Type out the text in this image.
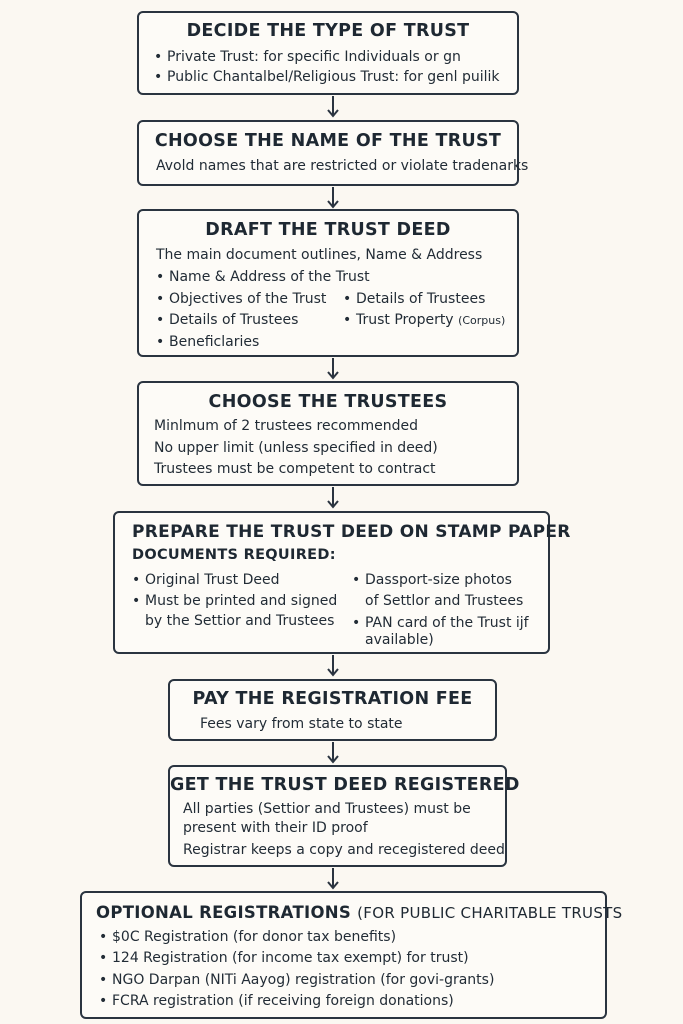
DECIDE THE TYPE OF TRUST
• Private Trust: for specific Individuals or gn
• Public Chantalbel/Religious Trust: for genl puilik
CHOOSE THE NAME OF THE TRUST
Avold names that are restricted or violate tradenarks
DRAFT THE TRUST DEED
The main document outlines, Name & Address
• Name & Address of the Trust
• Objectives of the Trust
• Details of Trustees
• Beneficlaries
• Details of Trustees
• Trust Property (Corpus)
CHOOSE THE TRUSTEES
Minlmum of 2 trustees recommended
No upper limit (unless specified in deed)
Trustees must be competent to contract
PREPARE THE TRUST DEED ON STAMP PAPER
DOCUMENTS REQUIRED:
• Original Trust Deed
• Must be printed and signed
by the Settior and Trustees
• Dassport-size photos
of Settlor and Trustees
• PAN card of the Trust ijf
available)
PAY THE REGISTRATION FEE
Fees vary from state to state
GET THE TRUST DEED REGISTERED
All parties (Settior and Trustees) must be
present with their ID proof
Registrar keeps a copy and recegistered deed
OPTIONAL REGISTRATIONS (FOR PUBLIC CHARITABLE TRUSTS
• $0C Registration (for donor tax benefits)
• 124 Registration (for income tax exempt) for trust)
• NGO Darpan (NITi Aayog) registration (for govi-grants)
• FCRA registration (if receiving foreign donations)
